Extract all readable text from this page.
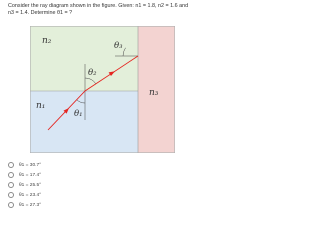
Consider the ray diagram shown in the figure. Given: n1 = 1.8, n2 = 1.6 and n3 = 1.4. Determine θ1 = ?

n₂
n₁
n₃
θ₁
θ₂
θ₃
θ1 = 30.7°
θ1 = 17.4°
θ1 = 25.5°
θ1 = 23.4°
θ1 = 27.3°
